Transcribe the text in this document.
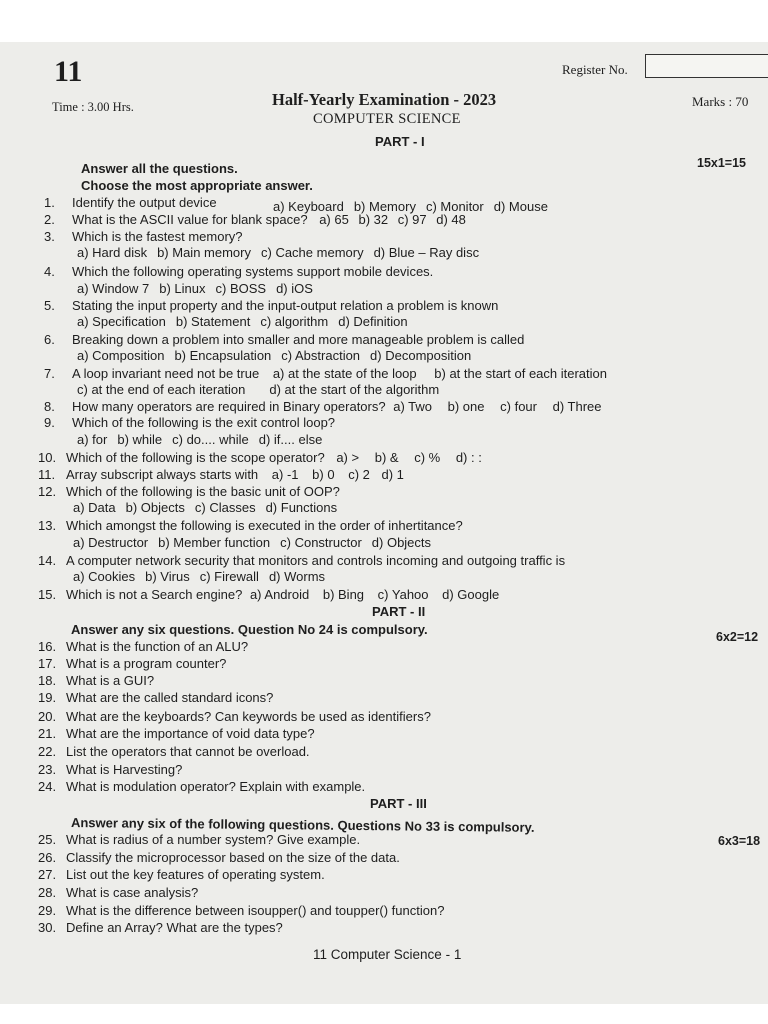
11
Time : 3.00 Hrs.
Register No.
Marks : 70
Half-Yearly Examination - 2023
COMPUTER SCIENCE
PART - I
Answer all the questions.
Choose the most appropriate answer.
15x1=15
1. Identify the output device	a) Keyboard b) Memory c) Monitor d) Mouse
2. What is the ASCII value for blank space? a) 65 b) 32 c) 97 d) 48
3. Which is the fastest memory?
a) Hard disk b) Main memory c) Cache memory d) Blue – Ray disc
4. Which the following operating systems support mobile devices.
a) Window 7 b) Linux c) BOSS d) iOS
5. Stating the input property and the input-output relation a problem is known
a) Specification b) Statement c) algorithm d) Definition
6. Breaking down a problem into smaller and more manageable problem is called
a) Composition b) Encapsulation c) Abstraction d) Decomposition
7. A loop invariant need not be true a) at the state of the loop b) at the start of each iteration
c) at the end of each iteration d) at the start of the algorithm
8. How many operators are required in Binary operators? a) Two b) one c) four d) Three
9. Which of the following is the exit control loop?
a) for b) while c) do.... while d) if.... else
10. Which of the following is the scope operator? a) > b) & c) % d) : :
11. Array subscript always starts with a) -1 b) 0 c) 2 d) 1
12. Which of the following is the basic unit of OOP?
a) Data b) Objects c) Classes d) Functions
13. Which amongst the following is executed in the order of inhertitance?
a) Destructor b) Member function c) Constructor d) Objects
14. A computer network security that monitors and controls incoming and outgoing traffic is
a) Cookies b) Virus c) Firewall d) Worms
15. Which is not a Search engine? a) Android b) Bing c) Yahoo d) Google
PART - II
Answer any six questions. Question No 24 is compulsory.	6x2=12
16. What is the function of an ALU?
17. What is a program counter?
18. What is a GUI?
19. What are the called standard icons?
20. What are the keyboards? Can keywords be used as identifiers?
21. What are the importance of void data type?
22. List the operators that cannot be overload.
23. What is Harvesting?
24. What is modulation operator? Explain with example.
PART - III
Answer any six of the following questions. Questions No 33 is compulsory.
6x3=18
25. What is radius of a number system? Give example.
26. Classify the microprocessor based on the size of the data.
27. List out the key features of operating system.
28. What is case analysis?
29. What is the difference between isoupper() and toupper() function?
30. Define an Array? What are the types?
11 Computer Science - 1
